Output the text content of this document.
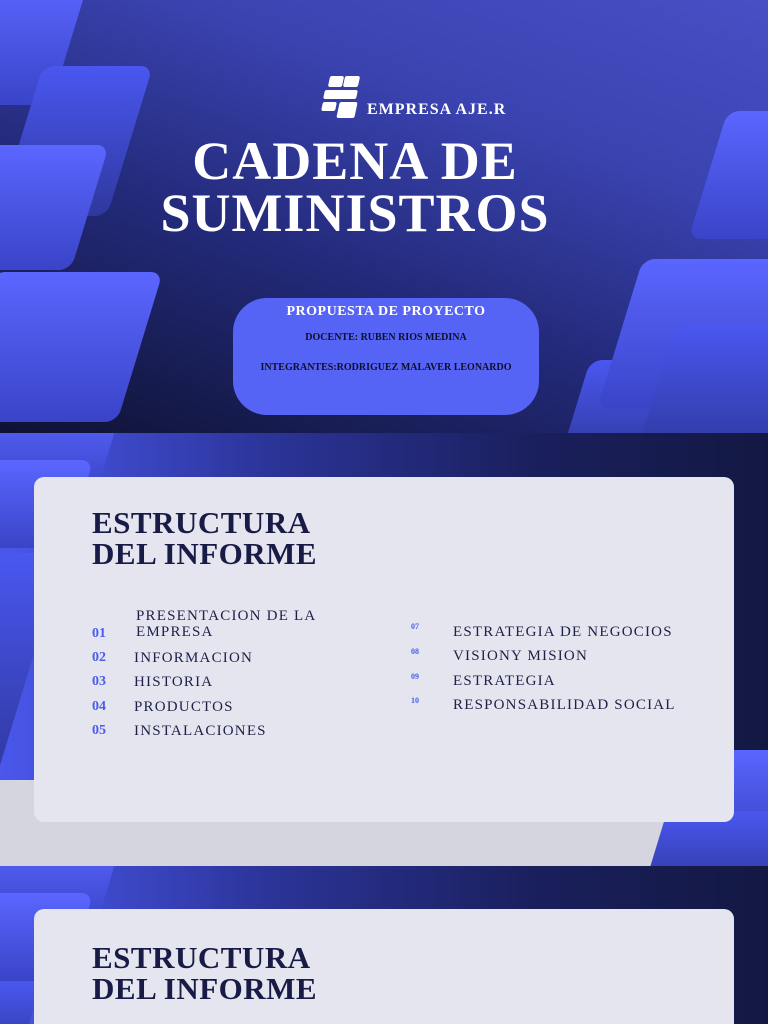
EMPRESA AJE.R
CADENA DE
SUMINISTROS
PROPUESTA DE PROYECTO
DOCENTE: RUBEN RIOS MEDINA
INTEGRANTES:RODRIGUEZ MALAVER LEONARDO
ESTRUCTURA
DEL INFORME
01
PRESENTACION DE LA
EMPRESA
02 INFORMACION
03 HISTORIA
04 PRODUCTOS
05 INSTALACIONES
07 ESTRATEGIA DE NEGOCIOS
08 VISIONY MISION
09 ESTRATEGIA
10 RESPONSABILIDAD SOCIAL
ESTRUCTURA
DEL INFORME
